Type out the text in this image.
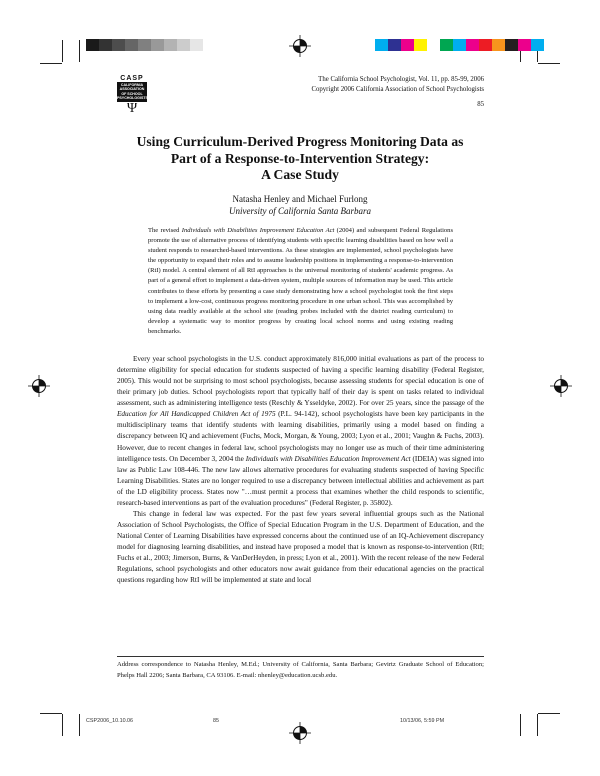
CASP
CALIFORNIA
ASSOCIATION
OF SCHOOL
PSYCHOLOGISTS
Ψ
The California School Psychologist, Vol. 11, pp. 85-99, 2006
Copyright 2006 California Association of School Psychologists
85
Using Curriculum-Derived Progress Monitoring Data as
Part of a Response-to-Intervention Strategy:
A Case Study
Natasha Henley and Michael Furlong
University of California Santa Barbara
The revised Individuals with Disabilities Improvement Education Act (2004) and subsequent Federal Regulations promote the use of alternative process of identifying students with specific learning disabilities based on how well a student responds to researched-based interventions. As these strategies are implemented, school psychologists have the opportunity to expand their roles and to assume leadership positions in implementing a response-to-intervention (RtI) model. A central element of all RtI approaches is the universal monitoring of students' academic progress. As part of a general effort to implement a data-driven system, multiple sources of information may be used. This article contributes to these efforts by presenting a case study demonstrating how a school psychologist took the first steps to implement a low-cost, continuous progress monitoring procedure in one urban school. This was accomplished by using data readily available at the school site (reading probes included with the district reading curriculum) to develop a systematic way to monitor progress by creating local school norms and using existing reading benchmarks.

Every year school psychologists in the U.S. conduct approximately 816,000 initial evaluations as part of the process to determine eligibility for special education for students suspected of having a specific learning disability (Federal Register, 2005). This would not be surprising to most school psychologists, because assessing students for special education is one of their primary job duties. School psychologists report that typically half of their day is spent on tasks related to individual assessment, such as administering intelligence tests (Reschly & Ysseldyke, 2002). For over 25 years, since the passage of the Education for All Handicapped Children Act of 1975 (P.L. 94-142), school psychologists have been key participants in the multidisciplinary teams that identify students with learning disabilities, primarily using a model based on finding a discrepancy between IQ and achievement (Fuchs, Mock, Morgan, & Young, 2003; Lyon et al., 2001; Vaughn & Fuchs, 2003). However, due to recent changes in federal law, school psychologists may no longer use as much of their time administering intelligence tests. On December 3, 2004 the Individuals with Disabilities Education Improvement Act (IDEIA) was signed into law as Public Law 108-446. The new law allows alternative procedures for evaluating students suspected of having Specific Learning Disabilities. States are no longer required to use a discrepancy between intellectual abilities and achievement as part of the LD eligibility process. States now "…must permit a process that examines whether the child responds to scientific, research-based interventions as part of the evaluation procedures" (Federal Register, p. 35802).

This change in federal law was expected. For the past few years several influential groups such as the National Association of School Psychologists, the Office of Special Education Program in the U.S. Department of Education, and the National Center of Learning Disabilities have expressed concerns about the continued use of an IQ-Achievement discrepancy model for diagnosing learning disabilities, and instead have proposed a model that is known as response-to-intervention (RtI; Fuchs et al., 2003; Jimerson, Burns, & VanDerHeyden, in press; Lyon et al., 2001). With the recent release of the new Federal Regulations, school psychologists and other educators now await guidance from their educational agencies on the practical questions regarding how RtI will be implemented at state and local

Address correspondence to Natasha Henley, M.Ed.; University of California, Santa Barbara; Gevirtz Graduate School of Education; Phelps Hall 2206; Santa Barbara, CA 93106. E-mail: nhenley@education.ucsb.edu.
CSP2006_10.10.06	85	10/13/06, 5:59 PM
